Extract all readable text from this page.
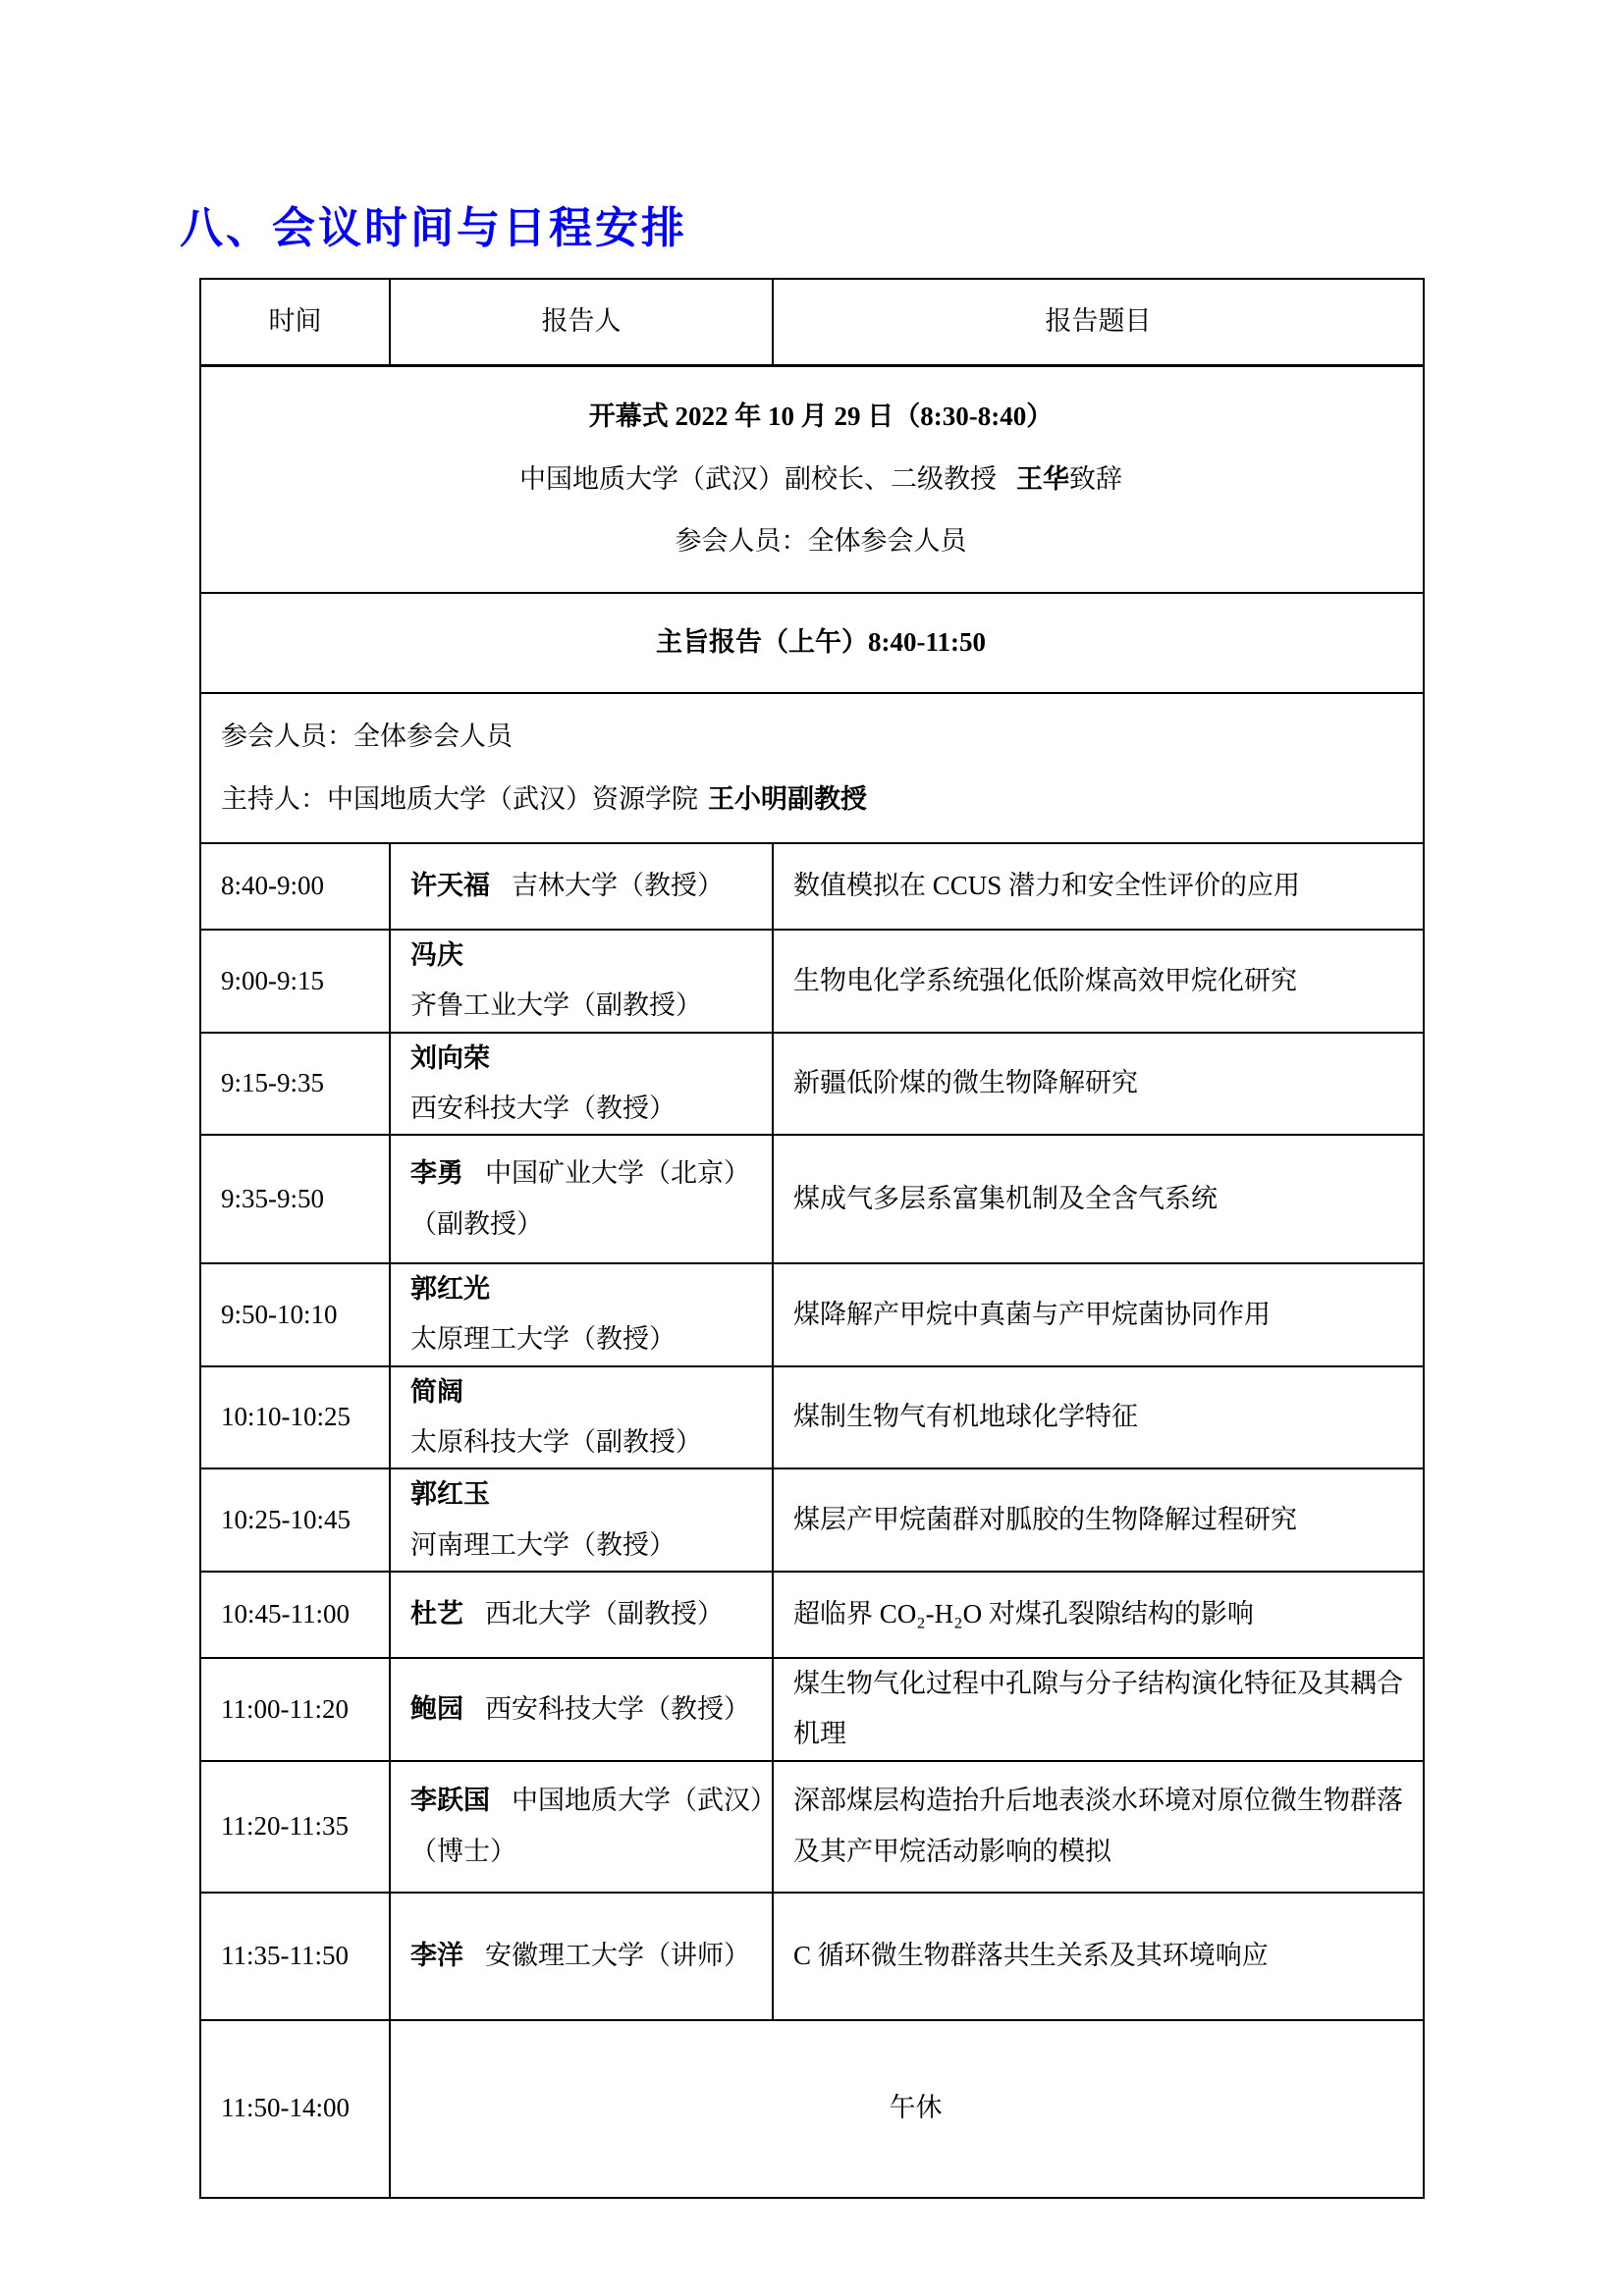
八、会议时间与日程安排
时间	报告人	报告题目

开幕式 2022 年 10 月 29 日（8:30-8:40）

中国地质大学（武汉）副校长、二级教授 王华致辞

参会人员：全体参会人员		

主旨报告（上午）8:40-11:50		

参会人员：全体参会人员

主持人：中国地质大学（武汉）资源学院 王小明副教授		

8:40-9:00	许天福 吉林大学（教授）	数值模拟在 CCUS 潜力和安全性评价的应用
9:00-9:15	冯庆齐鲁工业大学（副教授）	生物电化学系统强化低阶煤高效甲烷化研究
9:15-9:35	刘向荣西安科技大学（教授）	新疆低阶煤的微生物降解研究
9:35-9:50	李勇 中国矿业大学（北京）（副教授）	煤成气多层系富集机制及全含气系统
9:50-10:10	郭红光太原理工大学（教授）	煤降解产甲烷中真菌与产甲烷菌协同作用
10:10-10:25	简阔太原科技大学（副教授）	煤制生物气有机地球化学特征
10:25-10:45	郭红玉河南理工大学（教授）	煤层产甲烷菌群对胍胶的生物降解过程研究
10:45-11:00	杜艺 西北大学（副教授）	超临界 CO₂-H₂O 对煤孔裂隙结构的影响
11:00-11:20	鲍园 西安科技大学（教授）	煤生物气化过程中孔隙与分子结构演化特征及其耦合机理
11:20-11:35	李跃国 中国地质大学（武汉）（博士）	深部煤层构造抬升后地表淡水环境对原位微生物群落及其产甲烷活动影响的模拟
11:35-11:50	李洋 安徽理工大学（讲师）	C 循环微生物群落共生关系及其环境响应
11:50-14:00	午休	
